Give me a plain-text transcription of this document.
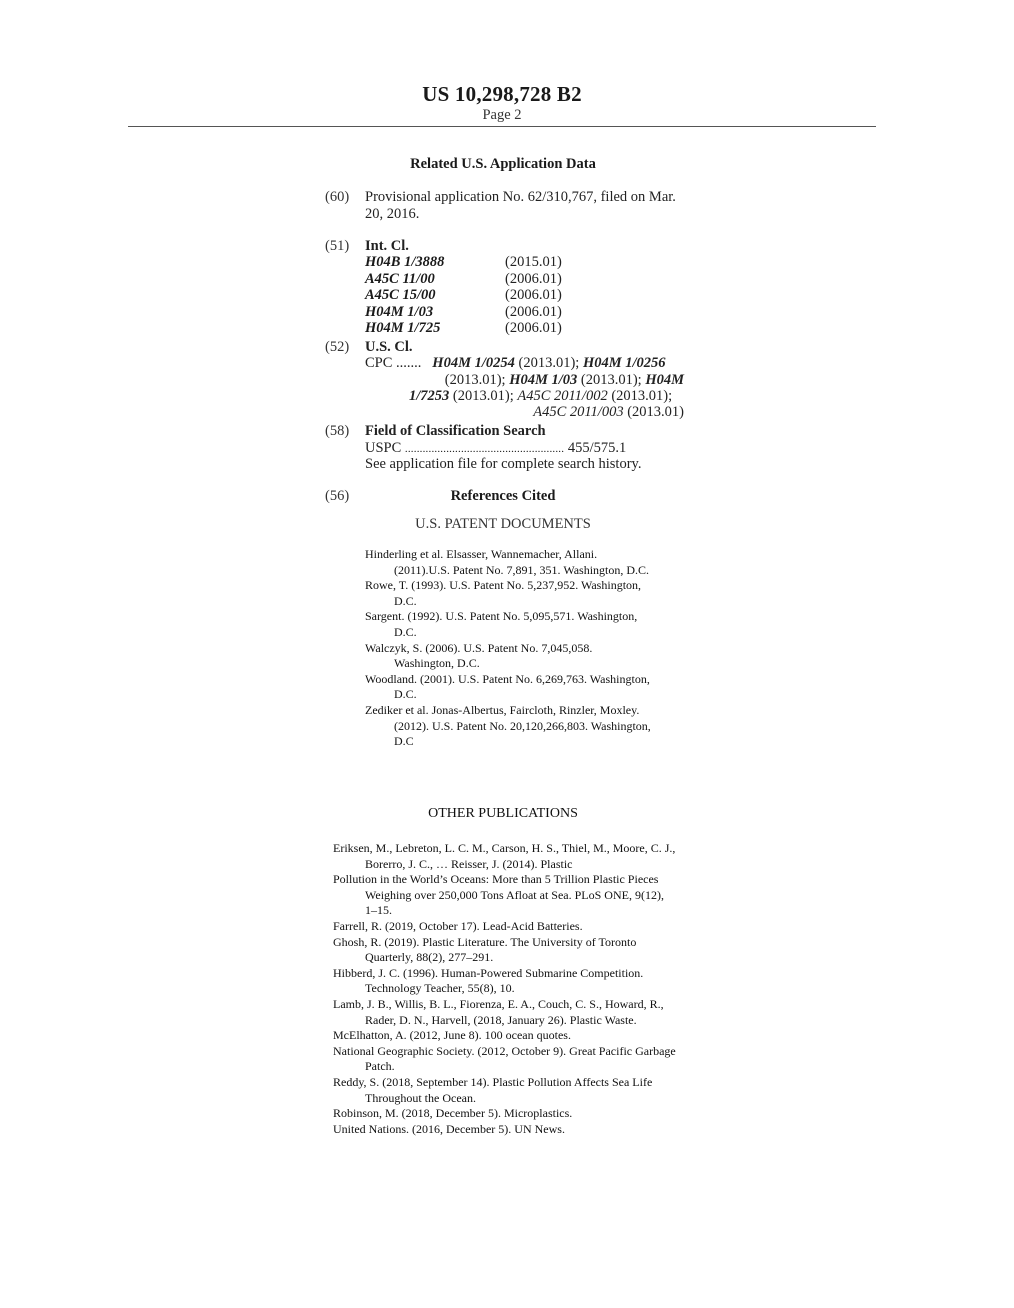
US 10,298,728 B2
Page 2
Related U.S. Application Data
(60) Provisional application No. 62/310,767, filed on Mar. 20, 2016.
(51) Int. Cl.
H04B 1/3888	(2015.01)
A45C 11/00	(2006.01)
A45C 15/00	(2006.01)
H04M 1/03	(2006.01)
H04M 1/725	(2006.01)
(52) U.S. Cl.
CPC ....... H04M 1/0254 (2013.01); H04M 1/0256
(2013.01); H04M 1/03 (2013.01); H04M
1/7253 (2013.01); A45C 2011/002 (2013.01);
A45C 2011/003 (2013.01)
(58) Field of Classification Search
USPC ...................................................... 455/575.1
See application file for complete search history.
(56)	References Cited
U.S. PATENT DOCUMENTS

Hinderling et al. Elsasser, Wannemacher, Allani. (2011).U.S. Patent No. 7,891, 351. Washington, D.C.

Rowe, T. (1993). U.S. Patent No. 5,237,952. Washington, D.C.

Sargent. (1992). U.S. Patent No. 5,095,571. Washington, D.C.

Walczyk, S. (2006). U.S. Patent No. 7,045,058. Washington, D.C.

Woodland. (2001). U.S. Patent No. 6,269,763. Washington, D.C.

Zediker et al. Jonas-Albertus, Faircloth, Rinzler, Moxley. (2012). U.S. Patent No. 20,120,266,803. Washington, D.C

OTHER PUBLICATIONS

Eriksen, M., Lebreton, L. C. M., Carson, H. S., Thiel, M., Moore, C. J., Borerro, J. C., … Reisser, J. (2014). Plastic

Pollution in the World’s Oceans: More than 5 Trillion Plastic Pieces Weighing over 250,000 Tons Afloat at Sea. PLoS ONE, 9(12), 1–15.

Farrell, R. (2019, October 17). Lead-Acid Batteries.

Ghosh, R. (2019). Plastic Literature. The University of Toronto Quarterly, 88(2), 277–291.

Hibberd, J. C. (1996). Human-Powered Submarine Competition. Technology Teacher, 55(8), 10.

Lamb, J. B., Willis, B. L., Fiorenza, E. A., Couch, C. S., Howard, R., Rader, D. N., Harvell, (2018, January 26). Plastic Waste.

McElhatton, A. (2012, June 8). 100 ocean quotes.

National Geographic Society. (2012, October 9). Great Pacific Garbage Patch.

Reddy, S. (2018, September 14). Plastic Pollution Affects Sea Life Throughout the Ocean.

Robinson, M. (2018, December 5). Microplastics.

United Nations. (2016, December 5). UN News.
